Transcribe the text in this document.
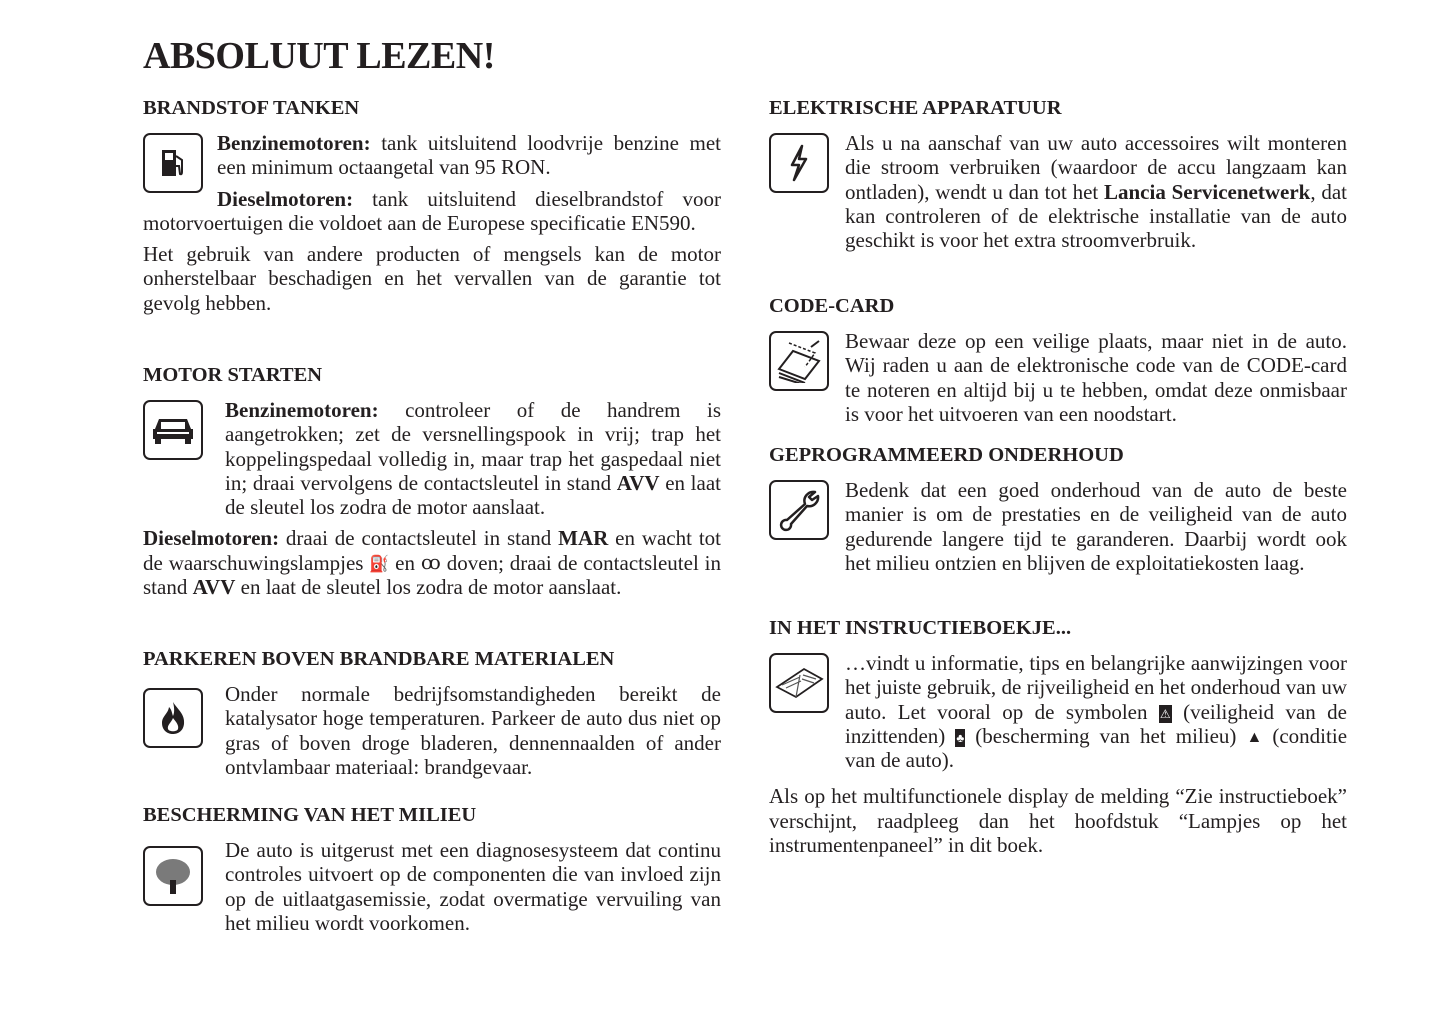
ABSOLUUT LEZEN!
BRANDSTOF TANKEN

Benzinemotoren: tank uitsluitend loodvrije benzine met een minimum octaangetal van 95 RON.

Dieselmotoren: tank uitsluitend dieselbrandstof voor motorvoertuigen die voldoet aan de Europese specificatie EN590.

Het gebruik van andere producten of mengsels kan de motor onherstelbaar beschadigen en het vervallen van de garantie tot gevolg hebben.

MOTOR STARTEN

Benzinemotoren: controleer of de handrem is aangetrokken; zet de versnellingspook in vrij; trap het koppelingspedaal volledig in, maar trap het gaspedaal niet in; draai vervolgens de contactsleutel in stand AVV en laat de sleutel los zodra de motor aanslaat.

Dieselmotoren: draai de contactsleutel in stand MAR en wacht tot de waarschuwingslampjes ⛽ en ꝏ doven; draai de contactsleutel in stand AVV en laat de sleutel los zodra de motor aanslaat.

PARKEREN BOVEN BRANDBARE MATERIALEN

Onder normale bedrijfsomstandigheden bereikt de katalysator hoge temperaturen. Parkeer de auto dus niet op gras of boven droge bladeren, dennennaalden of ander ontvlambaar materiaal: brandgevaar.

BESCHERMING VAN HET MILIEU

De auto is uitgerust met een diagnosesysteem dat continu controles uitvoert op de componenten die van invloed zijn op de uitlaatgasemissie, zodat overmatige vervuiling van het milieu wordt voorkomen.

ELEKTRISCHE APPARATUUR

Als u na aanschaf van uw auto accessoires wilt monteren die stroom verbruiken (waardoor de accu langzaam kan ontladen), wendt u dan tot het Lancia Servicenetwerk, dat kan controleren of de elektrische installatie van de auto geschikt is voor het extra stroomverbruik.

CODE-CARD

Bewaar deze op een veilige plaats, maar niet in de auto. Wij raden u aan de elektronische code van de CODE-card te noteren en altijd bij u te hebben, omdat deze onmisbaar is voor het uitvoeren van een noodstart.

GEPROGRAMMEERD ONDERHOUD

Bedenk dat een goed onderhoud van de auto de beste manier is om de prestaties en de veiligheid van de auto gedurende langere tijd te garanderen. Daarbij wordt ook het milieu ontzien en blijven de exploitatiekosten laag.

IN HET INSTRUCTIEBOEKJE...

…vindt u informatie, tips en belangrijke aanwijzingen voor het juiste gebruik, de rijveiligheid en het onderhoud van uw auto. Let vooral op de symbolen ⚠ (veiligheid van de inzittenden) ♣ (bescherming van het milieu) ▲ (conditie van de auto).

Als op het multifunctionele display de melding “Zie instructieboek” verschijnt, raadpleeg dan het hoofdstuk “Lampjes op het instrumentenpaneel” in dit boek.
